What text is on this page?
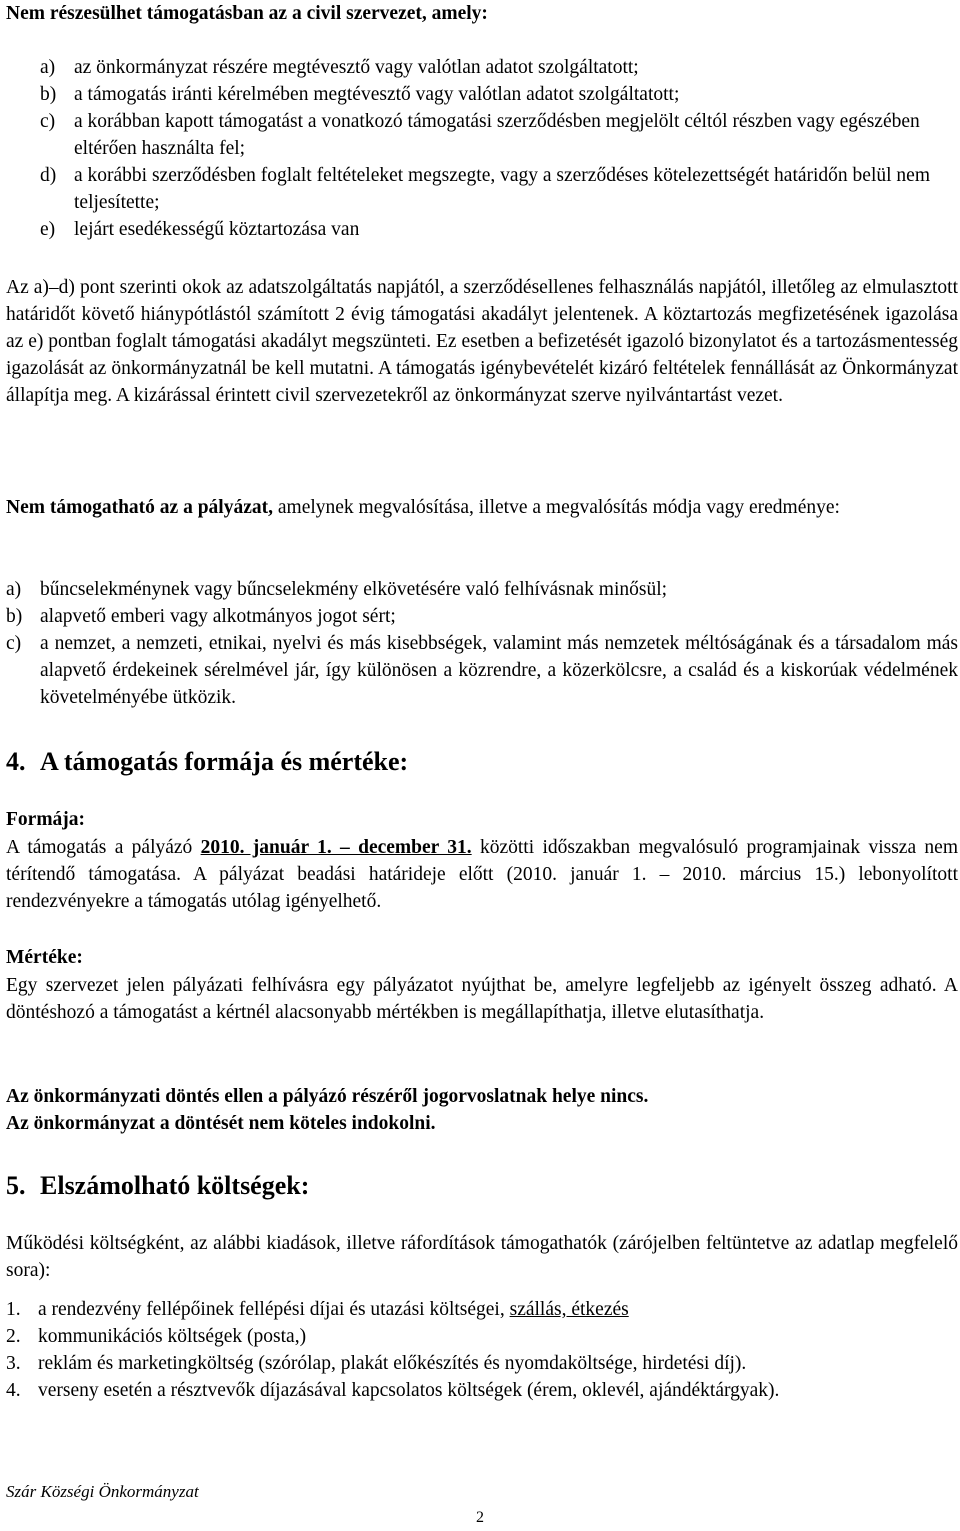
Nem részesülhet támogatásban az a civil szervezet, amely:

a) az önkormányzat részére megtévesztő vagy valótlan adatot szolgáltatott;
b) a támogatás iránti kérelmében megtévesztő vagy valótlan adatot szolgáltatott;
c) a korábban kapott támogatást a vonatkozó támogatási szerződésben megjelölt céltól részben vagy egészében eltérően használta fel;
d) a korábbi szerződésben foglalt feltételeket megszegte, vagy a szerződéses kötelezettségét határidőn belül nem teljesítette;
e) lejárt esedékességű köztartozása van

Az a)–d) pont szerinti okok az adatszolgáltatás napjától, a szerződésellenes felhasználás napjától, illetőleg az elmulasztott határidőt követő hiánypótlástól számított 2 évig támogatási akadályt jelentenek. A köztartozás megfizetésének igazolása az e) pontban foglalt támogatási akadályt megszünteti. Ez esetben a befizetését igazoló bizonylatot és a tartozásmentesség igazolását az önkormányzatnál be kell mutatni. A támogatás igénybevételét kizáró feltételek fennállását az Önkormányzat állapítja meg. A kizárással érintett civil szervezetekről az önkormányzat szerve nyilvántartást vezet.

Nem támogatható az a pályázat, amelynek megvalósítása, illetve a megvalósítás módja vagy eredménye:

a) bűncselekménynek vagy bűncselekmény elkövetésére való felhívásnak minősül;
b) alapvető emberi vagy alkotmányos jogot sért;
c) a nemzet, a nemzeti, etnikai, nyelvi és más kisebbségek, valamint más nemzetek méltóságának és a társadalom más alapvető érdekeinek sérelmével jár, így különösen a közrendre, a közerkölcsre, a család és a kiskorúak védelmének követelményébe ütközik.
4. A támogatás formája és mértéke:

Formája:

A támogatás a pályázó 2010. január 1. – december 31. közötti időszakban megvalósuló programjainak vissza nem térítendő támogatása. A pályázat beadási határideje előtt (2010. január 1. – 2010. március 15.) lebonyolított rendezvényekre a támogatás utólag igényelhető.

Mértéke:

Egy szervezet jelen pályázati felhívásra egy pályázatot nyújthat be, amelyre legfeljebb az igényelt összeg adható. A döntéshozó a támogatást a kértnél alacsonyabb mértékben is megállapíthatja, illetve elutasíthatja.

Az önkormányzati döntés ellen a pályázó részéről jogorvoslatnak helye nincs.

Az önkormányzat a döntését nem köteles indokolni.

5. Elszámolható költségek:

Működési költségként, az alábbi kiadások, illetve ráfordítások támogathatók (zárójelben feltüntetve az adatlap megfelelő sora):

1. a rendezvény fellépőinek fellépési díjai és utazási költségei, szállás, étkezés
2. kommunikációs költségek (posta,)
3. reklám és marketingköltség (szórólap, plakát előkészítés és nyomdaköltsége, hirdetési díj).
4. verseny esetén a résztvevők díjazásával kapcsolatos költségek (érem, oklevél, ajándéktárgyak).
Szár Községi Önkormányzat
2
